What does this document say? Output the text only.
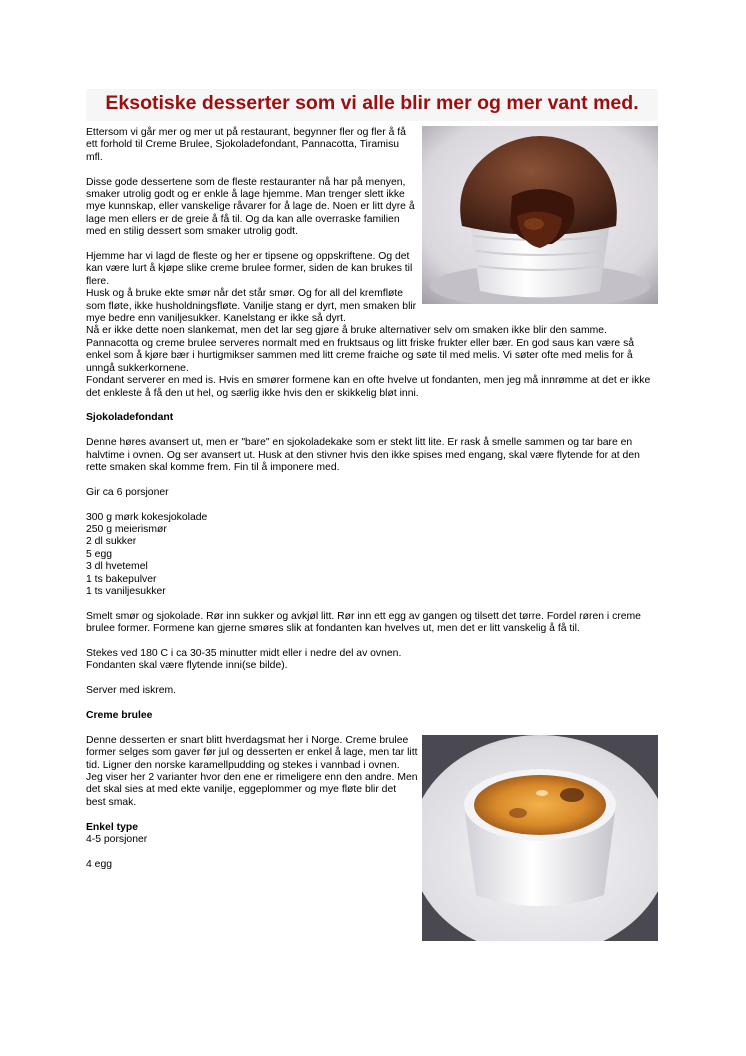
Eksotiske desserter som vi alle blir mer og mer vant med.

Ettersom vi går mer og mer ut på restaurant, begynner fler og fler å få ett forhold til Creme Brulee, Sjokoladefondant, Pannacotta, Tiramisu mfl.

Disse gode dessertene som de fleste restauranter nå har på menyen, smaker utrolig godt og er enkle å lage hjemme. Man trenger slett ikke mye kunnskap, eller vanskelige råvarer for å lage de. Noen er litt dyre å lage men ellers er de greie å få til. Og da kan alle overraske familien med en stilig dessert som smaker utrolig godt.

Hjemme har vi lagd de fleste og her er tipsene og oppskriftene. Og det kan være lurt å kjøpe slike creme brulee former, siden de kan brukes til flere.

Husk og å bruke ekte smør når det står smør. Og for all del kremfløte som fløte, ikke husholdningsfløte. Vanilje stang er dyrt, men smaken blir mye bedre enn vaniljesukker. Kanelstang er ikke så dyrt.

Nå er ikke dette noen slankemat, men det lar seg gjøre å bruke alternativer selv om smaken ikke blir den samme.

Pannacotta og creme brulee serveres normalt med en fruktsaus og litt friske frukter eller bær. En god saus kan være så enkel som å kjøre bær i hurtigmikser sammen med litt creme fraiche og søte til med melis. Vi søter ofte med melis for å unngå sukkerkornene.

Fondant serverer en med is. Hvis en smører formene kan en ofte hvelve ut fondanten, men jeg må innrømme at det er ikke det enkleste å få den ut hel, og særlig ikke hvis den er skikkelig bløt inni.

Sjokoladefondant

Denne høres avansert ut, men er "bare" en sjokoladekake som er stekt litt lite. Er rask å smelle sammen og tar bare en halvtime i ovnen. Og ser avansert ut. Husk at den stivner hvis den ikke spises med engang, skal være flytende for at den rette smaken skal komme frem. Fin til å imponere med.

Gir ca 6 porsjoner

300 g mørk kokesjokolade

250 g meierismør

2 dl sukker

5 egg

3 dl hvetemel

1 ts bakepulver

1 ts vaniljesukker

Smelt smør og sjokolade. Rør inn sukker og avkjøl litt. Rør inn ett egg av gangen og tilsett det tørre. Fordel røren i creme brulee former. Formene kan gjerne smøres slik at fondanten kan hvelves ut, men det er litt vanskelig å få til.

Stekes ved 180 C i ca 30-35 minutter midt eller i nedre del av ovnen.

Fondanten skal være flytende inni(se bilde).

Server med iskrem.

Creme brulee

Denne desserten er snart blitt hverdagsmat her i Norge. Creme brulee former selges som gaver før jul og desserten er enkel å lage, men tar litt tid. Ligner den norske karamellpudding og stekes i vannbad i ovnen. Jeg viser her 2 varianter hvor den ene er rimeligere enn den andre. Men det skal sies at med ekte vanilje, eggeplommer og mye fløte blir det best smak.

Enkel type

4-5 porsjoner

4 egg
